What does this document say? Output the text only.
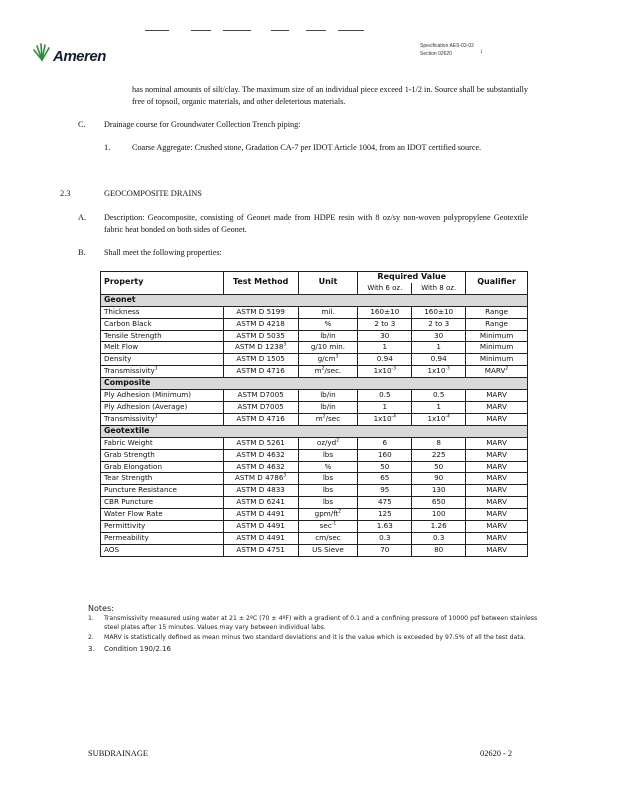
Ameren
Specification AES-03-02
Section 02620	1
has nominal amounts of silt/clay. The maximum size of an individual piece exceed 1-1/2 in. Source shall be substantially free of topsoil, organic materials, and other deleterious materials.
C. Drainage course for Groundwater Collection Trench piping:
1.	Coarse Aggregate: Crushed stone, Gradation CA-7 per IDOT Article 1004, from an IDOT certified source.
2.3	GEOCOMPOSITE DRAINS
A. Description: Geocomposite, consisting of Geonet made from HDPE resin with 8 oz/sy non-woven polypropylene Geotextile fabric heat bonded on both sides of Geonet.
B. Shall meet the following properties:
Property	Test Method	Unit	Required Value		Qualifier
			With 6 oz.	With 8 oz.	
Geonet					
Thickness	ASTM D 5199	mil.	160±10	160±10	Range
Carbon Black	ASTM D 4218	%	2 to 3	2 to 3	Range
Tensile Strength	ASTM D 5035	lb/in	30	30	Minimum
Melt Flow	ASTM D 1238$^3$	g/10 min.	1	1	Minimum
Density	ASTM D 1505	$g/cm^3$	0.94	0.94	Minimum
Transmissivity$^1$	ASTM D 4716	$m^2/\sec$.	$1x10^{-3}$	$1x10^{-3}$	MARV$^2$
Composite					
Ply Adhesion (Minimum)	ASTM D7005	lb/in	0.5	0.5	MARV
Ply Adhesion (Average)	ASTM D7005	lb/in	1	1	MARV
Transmissivity$^1$	ASTM D 4716	$m^2/\sec$	$1x10^{-4}$	$1x10^{-4}$	MARV
Geotextile					
Fabric Weight	ASTM D 5261	$oz/yd^2$	6	8	MARV
Grab Strength	ASTM D 4632	lbs	160	225	MARV
Grab Elongation	ASTM D 4632	%	50	50	MARV
Tear Strength	ASTM D 4786$^3$	lbs	65	90	MARV
Puncture Resistance	ASTM D 4833	lbs	95	130	MARV
CBR Puncture	ASTM D 6241	lbs	475	650	MARV
Water Flow Rate	ASTM D 4491	gpm/$ft^2$	125	100	MARV
Permittivity	ASTM D 4491	$\sec^{-1}$	1.63	1.26	MARV
Permeability	ASTM D 4491	cm/sec	0.3	0.3	MARV
AOS	ASTM D 4751	US Sieve	70	80	MARV
Notes:
1. Transmissivity measured using water at 21 ± 2ºC (70 ± 4ºF) with a gradient of 0.1 and a confining pressure of 10000 psf between stainless steel plates after 15 minutes. Values may vary between individual labs.
2. MARV is statistically defined as mean minus two standard deviations and it is the value which is exceeded by 97.5% of all the test data.
3. Condition 190/2.16
SUBDRAINAGE	02620 - 2
